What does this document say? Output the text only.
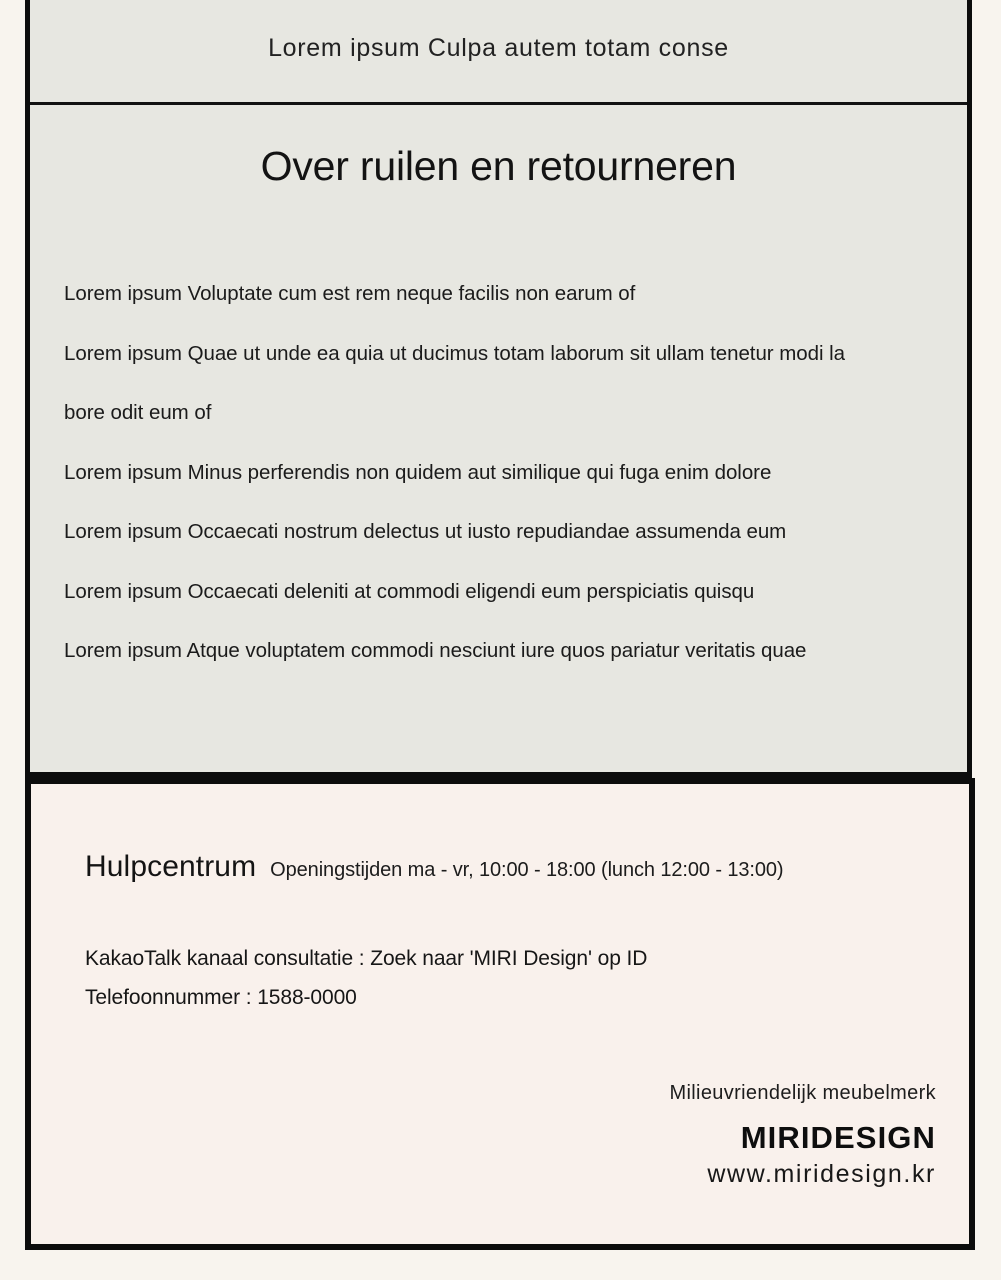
Lorem ipsum Culpa autem totam conse
Over ruilen en retourneren
Lorem ipsum Voluptate cum est rem neque facilis non earum of
Lorem ipsum Quae ut unde ea quia ut ducimus totam laborum sit ullam tenetur modi la
bore odit eum of
Lorem ipsum Minus perferendis non quidem aut similique qui fuga enim dolore
Lorem ipsum Occaecati nostrum delectus ut iusto repudiandae assumenda eum
Lorem ipsum Occaecati deleniti at commodi eligendi eum perspiciatis quisqu
Lorem ipsum Atque voluptatem commodi nesciunt iure quos pariatur veritatis quae
Hulpcentrum Openingstijden ma - vr, 10:00 - 18:00 (lunch 12:00 - 13:00)
KakaoTalk kanaal consultatie : Zoek naar 'MIRI Design' op ID
Telefoonnummer : 1588-0000
Milieuvriendelijk meubelmerk
MIRIDESIGN
www.miridesign.kr
